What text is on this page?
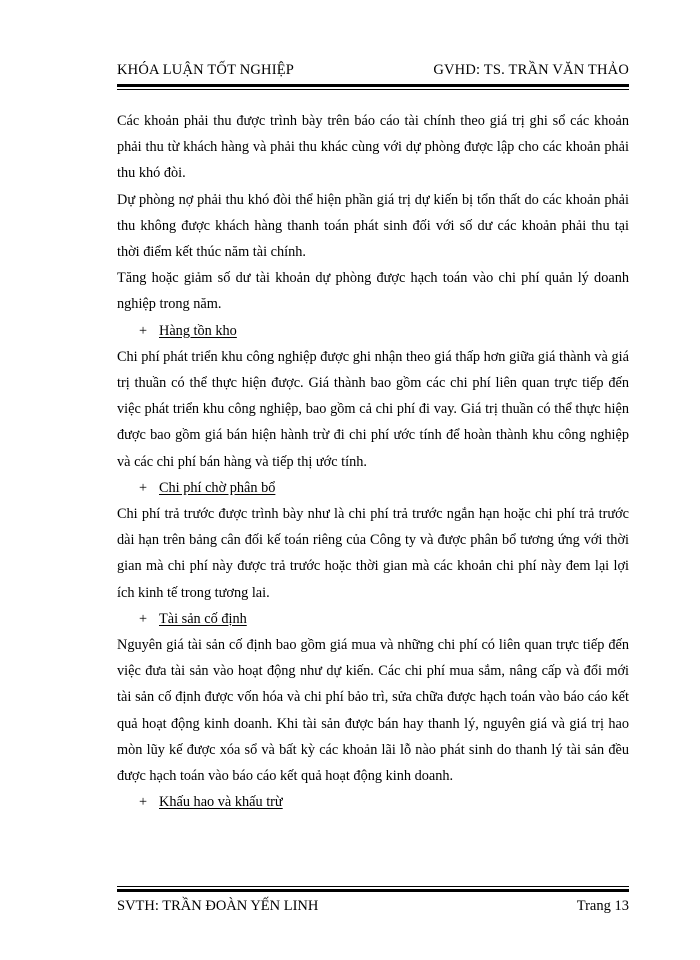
KHÓA LUẬN TỐT NGHIỆP	GVHD: TS. TRẦN VĂN THẢO

Các khoản phải thu được trình bày trên báo cáo tài chính theo giá trị ghi sổ các khoản phải thu từ khách hàng và phải thu khác cùng với dự phòng được lập cho các khoản phải thu khó đòi.

Dự phòng nợ phải thu khó đòi thể hiện phần giá trị dự kiến bị tổn thất do các khoản phải thu không được khách hàng thanh toán phát sinh đối với số dư các khoản phải thu tại thời điểm kết thúc năm tài chính.

Tăng hoặc giảm số dư tài khoản dự phòng được hạch toán vào chi phí quản lý doanh nghiệp trong năm.

+ Hàng tồn kho

Chi phí phát triển khu công nghiệp được ghi nhận theo giá thấp hơn giữa giá thành và giá trị thuần có thể thực hiện được. Giá thành bao gồm các chi phí liên quan trực tiếp đến việc phát triển khu công nghiệp, bao gồm cả chi phí đi vay. Giá trị thuần có thể thực hiện được bao gồm giá bán hiện hành trừ đi chi phí ước tính để hoàn thành khu công nghiệp và các chi phí bán hàng và tiếp thị ước tính.

+ Chi phí chờ phân bổ

Chi phí trả trước được trình bày như là chi phí trả trước ngắn hạn hoặc chi phí trả trước dài hạn trên bảng cân đối kế toán riêng của Công ty và được phân bổ tương ứng với thời gian mà chi phí này được trả trước hoặc thời gian mà các khoản chi phí này đem lại lợi ích kinh tế trong tương lai.

+ Tài sản cố định

Nguyên giá tài sản cố định bao gồm giá mua và những chi phí có liên quan trực tiếp đến việc đưa tài sản vào hoạt động như dự kiến. Các chi phí mua sắm, nâng cấp và đổi mới tài sản cố định được vốn hóa và chi phí bảo trì, sửa chữa được hạch toán vào báo cáo kết quả hoạt động kinh doanh. Khi tài sản được bán hay thanh lý, nguyên giá và giá trị hao mòn lũy kế được xóa sổ và bất kỳ các khoản lãi lỗ nào phát sinh do thanh lý tài sản đều được hạch toán vào báo cáo kết quả hoạt động kinh doanh.

+ Khấu hao và khấu trừ

SVTH: TRẦN ĐOÀN YẾN LINH	Trang 13
